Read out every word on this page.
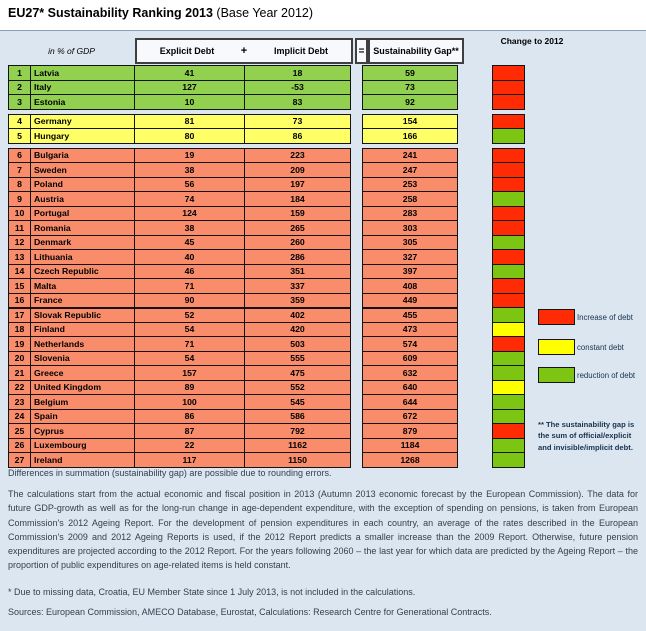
EU27* Sustainability Ranking 2013 (Base Year 2012)
in % of GDP	Explicit Debt	+	Implicit Debt	= Sustainability Gap**
Change to 2012
1	Latvia	41	18	59
2	Italy	127	-53	73
3	Estonia	10	83	92
4	Germany	81	73	154
5	Hungary	80	86	166
6	Bulgaria	19	223	241
7	Sweden	38	209	247
8	Poland	56	197	253
9	Austria	74	184	258
10	Portugal	124	159	283
11	Romania	38	265	303
12	Denmark	45	260	305
13	Lithuania	40	286	327
14	Czech Republic	46	351	397
15	Malta	71	337	408
16	France	90	359	449
17	Slovak Republic	52	402	455
18	Finland	54	420	473
19	Netherlands	71	503	574
20	Slovenia	54	555	609
21	Greece	157	475	632
22	United Kingdom	89	552	640
23	Belgium	100	545	644
24	Spain	86	586	672
25	Cyprus	87	792	879
26	Luxembourg	22	1162	1184
27	Ireland	117	1150	1268
Increase of debt
constant debt
reduction of debt
** The sustainability gap is the sum of official/explicit and invisible/implicit debt.
Differences in summation (sustainability gap) are possible due to rounding errors.
The calculations start from the actual economic and fiscal position in 2013 (Autumn 2013 economic forecast by the European Commission). The data for future GDP-growth as well as for the long-run change in age-dependent expenditure, with the exception of spending on pensions, is taken from European Commission's 2012 Ageing Report. For the development of pension expenditures in each country, an average of the rates described in the European Commission's 2009 and 2012 Ageing Reports is used, if the 2012 Report predicts a smaller increase than the 2009 Report. Otherwise, future pension expenditures are projected according to the 2012 Report. For the years following 2060 – the last year for which data are predicted by the Ageing Report – the proportion of public expenditures on age-related items is held constant.
* Due to missing data, Croatia, EU Member State since 1 July 2013, is not included in the calculations.
Sources: European Commission, AMECO Database, Eurostat, Calculations: Research Centre for Generational Contracts.
